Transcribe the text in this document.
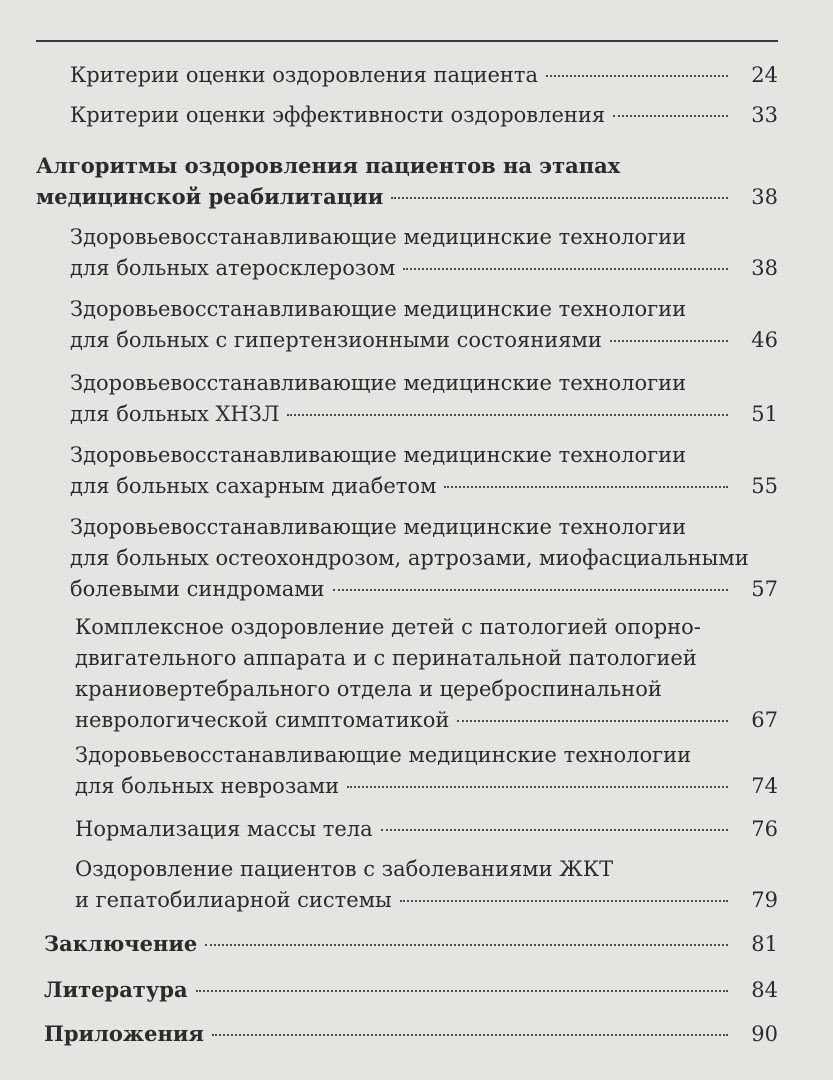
Критерии оценки оздоровления пациента	24
Критерии оценки эффективности оздоровления	33
Алгоритмы оздоровления пациентов на этапах
медицинской реабилитации	38
Здоровьевосстанавливающие медицинские технологии
для больных атеросклерозом	38
Здоровьевосстанавливающие медицинские технологии
для больных с гипертензионными состояниями	46
Здоровьевосстанавливающие медицинские технологии
для больных ХНЗЛ	51
Здоровьевосстанавливающие медицинские технологии
для больных сахарным диабетом	55
Здоровьевосстанавливающие медицинские технологии
для больных остеохондрозом, артрозами, миофасциальными
болевыми синдромами	57
Комплексное оздоровление детей с патологией опорно-
двигательного аппарата и с перинатальной патологией
краниовертебрального отдела и цереброспинальной
неврологической симптоматикой	67
Здоровьевосстанавливающие медицинские технологии
для больных неврозами	74
Нормализация массы тела	76
Оздоровление пациентов с заболеваниями ЖКТ
и гепатобилиарной системы	79
Заключение	81
Литература	84
Приложения	90
